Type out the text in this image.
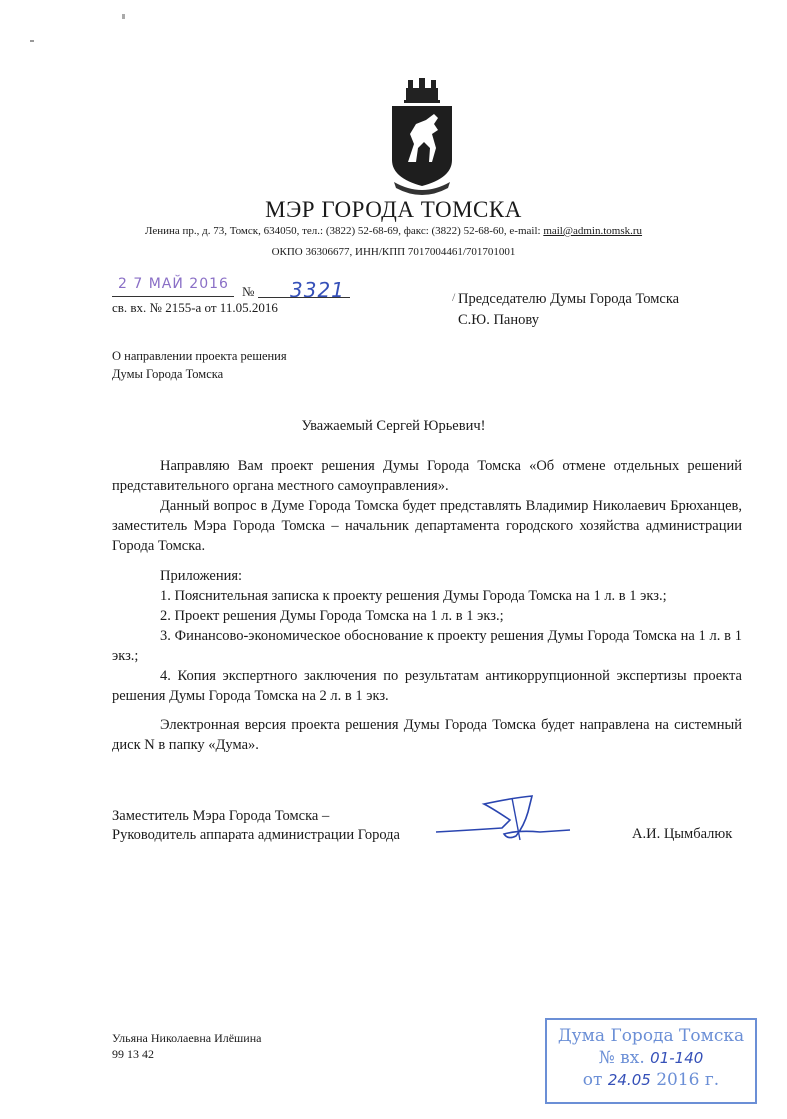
МЭР ГОРОДА ТОМСКА
Ленина пр., д. 73, Томск, 634050, тел.: (3822) 52-68-69, факс: (3822) 52-68-60, e-mail: mail@admin.tomsk.ru
ОКПО 36306677, ИНН/КПП 7017004461/701701001
2 7 МАЙ 2016 № 3321
св. вх. № 2155-а от 11.05.2016
/ Председателю Думы Города Томска
С.Ю. Панову
О направлении проекта решения
Думы Города Томска
Уважаемый Сергей Юрьевич!

Направляю Вам проект решения Думы Города Томска «Об отмене отдельных решений представительного органа местного самоуправления».

Данный вопрос в Думе Города Томска будет представлять Владимир Николаевич Брюханцев, заместитель Мэра Города Томска – начальник департамента городского хозяйства администрации Города Томска.

Приложения:

1. Пояснительная записка к проекту решения Думы Города Томска на 1 л. в 1 экз.;

2. Проект решения Думы Города Томска на 1 л. в 1 экз.;

3. Финансово-экономическое обоснование к проекту решения Думы Города Томска на 1 л. в 1 экз.;

4. Копия экспертного заключения по результатам антикоррупционной экспертизы проекта решения Думы Города Томска на 2 л. в 1 экз.

Электронная версия проекта решения Думы Города Томска будет направлена на системный диск N в папку «Дума».

Заместитель Мэра Города Томска –
Руководитель аппарата администрации Города	А.И. Цымбалюк
Ульяна Николаевна Илёшина
99 13 42
Дума Города Томска
№ вх. 01-140
от 24.05 2016 г.
